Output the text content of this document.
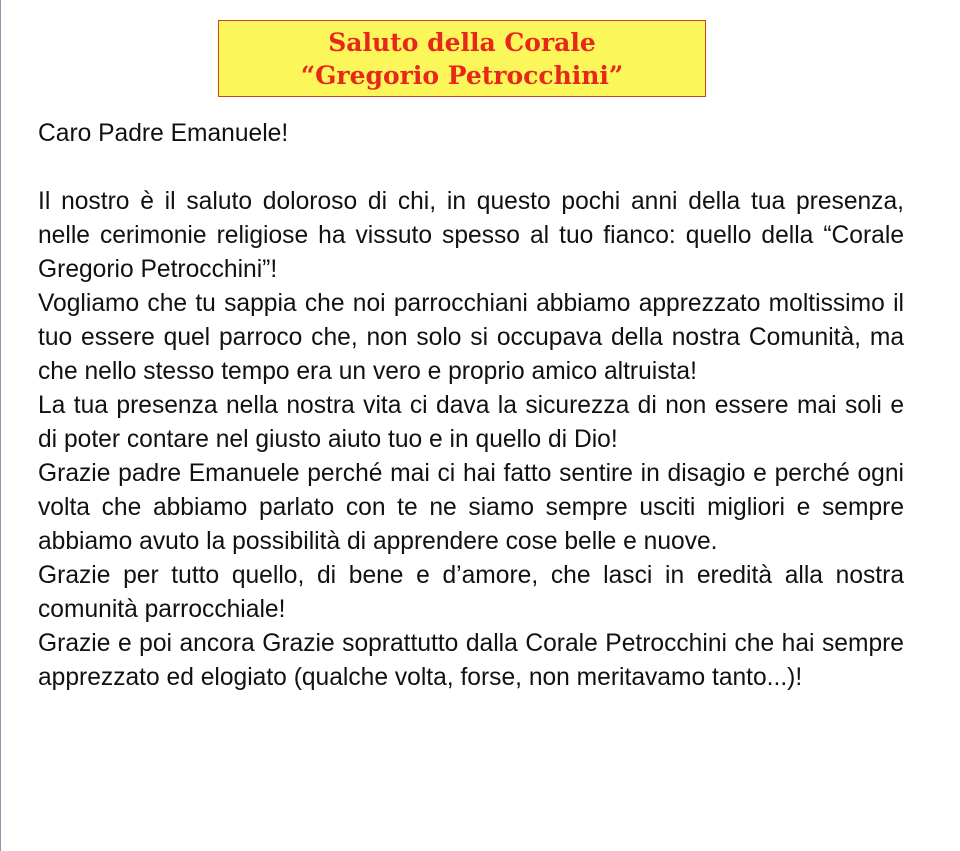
Saluto della Corale
“Gregorio Petrocchini”

Caro Padre Emanuele!

Il nostro è il saluto doloroso di chi, in questo pochi anni della tua presenza, nelle cerimonie religiose ha vissuto spesso al tuo fianco: quello della “Corale Gregorio Petrocchini”!

Vogliamo che tu sappia che noi parrocchiani abbiamo apprezzato moltissimo il tuo essere quel parroco che, non solo si occupava della nostra Comunità, ma che nello stesso tempo era un vero e proprio amico altruista!

La tua presenza nella nostra vita ci dava la sicurezza di non essere mai soli e di poter contare nel giusto aiuto tuo e in quello di Dio!

Grazie padre Emanuele perché mai ci hai fatto sentire in disagio e perché ogni volta che abbiamo parlato con te ne siamo sempre usciti migliori e sempre abbiamo avuto la possibilità di apprendere cose belle e nuove.

Grazie per tutto quello, di bene e d’amore, che lasci in eredità alla nostra comunità parrocchiale!

Grazie e poi ancora Grazie soprattutto dalla Corale Petrocchini che hai sempre apprezzato ed elogiato (qualche volta, forse, non meritavamo tanto...)!
